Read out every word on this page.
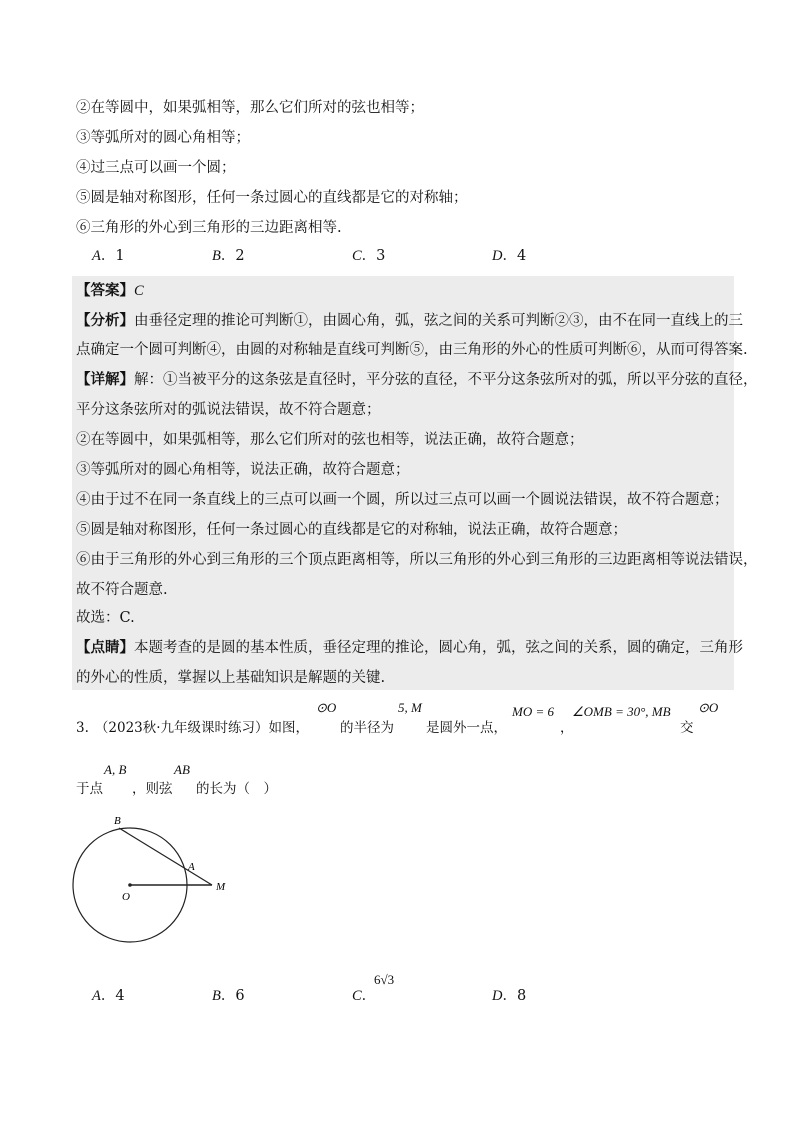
②在等圆中，如果弧相等，那么它们所对的弦也相等；
③等弧所对的圆心角相等；
④过三点可以画一个圆；
⑤圆是轴对称图形，任何一条过圆心的直线都是它的对称轴；
⑥三角形的外心到三角形的三边距离相等.
A．1	B．2	C．3	D．4
【答案】C
【分析】由垂径定理的推论可判断①，由圆心角，弧，弦之间的关系可判断②③，由不在同一直线上的三
点确定一个圆可判断④，由圆的对称轴是直线可判断⑤，由三角形的外心的性质可判断⑥，从而可得答案.
【详解】解：①当被平分的这条弦是直径时，平分弦的直径，不平分这条弦所对的弧，所以平分弦的直径，
平分这条弦所对的弧说法错误，故不符合题意；
②在等圆中，如果弧相等，那么它们所对的弦也相等，说法正确，故符合题意；
③等弧所对的圆心角相等，说法正确，故符合题意；
④由于过不在同一条直线上的三点可以画一个圆，所以过三点可以画一个圆说法错误，故不符合题意；
⑤圆是轴对称图形，任何一条过圆心的直线都是它的对称轴，说法正确，故符合题意；
⑥由于三角形的外心到三角形的三个顶点距离相等，所以三角形的外心到三角形的三边距离相等说法错误，
故不符合题意.
故选：C.
【点睛】本题考查的是圆的基本性质，垂径定理的推论，圆心角，弧，弦之间的关系，圆的确定，三角形
的外心的性质，掌握以上基础知识是解题的关键.
3. （2023秋·九年级课时练习）如图，
⊙O
的半径为
5, M
是圆外一点，
MO = 6
，
∠OMB = 30°, MB
交
⊙O
于点
A, B
，则弦
AB
的长为（　）
B
A
O
M
A．4	B．6	C．
6√3
D．8
